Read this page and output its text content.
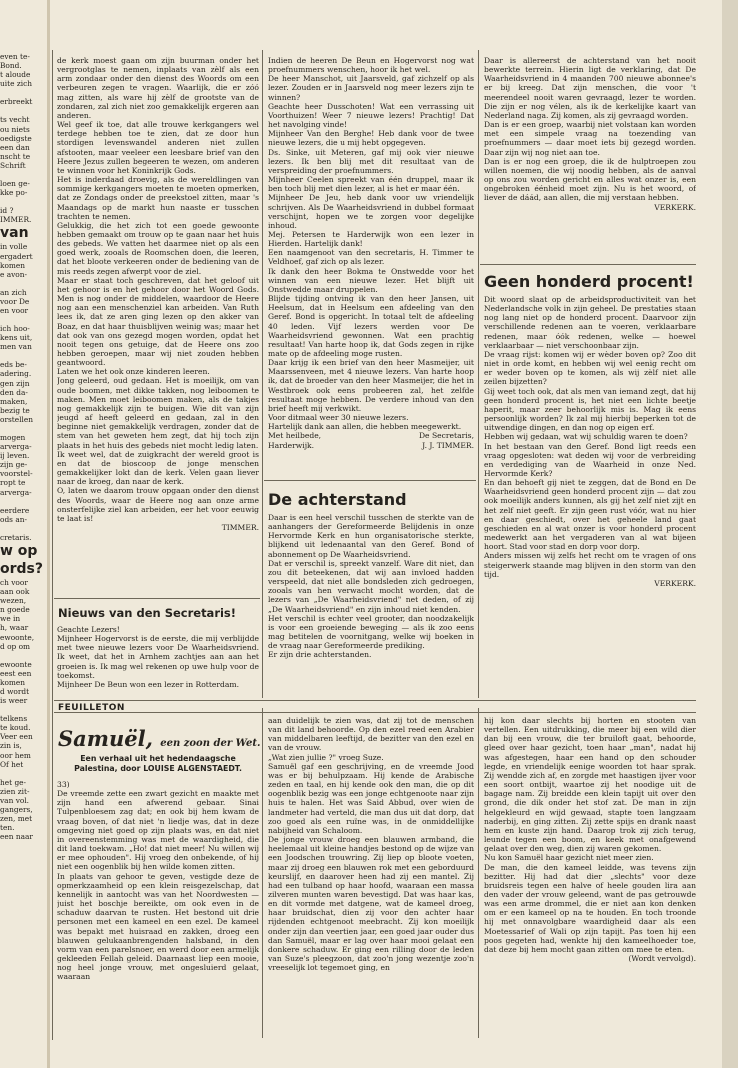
even te-
Bond.
t aloude
uite zich
erbreekt
ts vecht
ou niets
oedigste
een dan
nscht te
Schrift
loen ge-
kke po-
id ?
IMMER.
van
in volle
ergadert
komen
e avon-
an zich
voor De
en voor
ich hoo-
kens uit,
men van
eds be-
adering.
gen zijn
den da-
maken,
bezig te
orstellen
mogen
arverga-
ij leven.
zijn ge-
voorstel-
ropt te
arverga-
eerdere
ods an-
cretaris.
w op
ords?
ch voor
aan ook
wezen,
n goede
we in
h, waar
ewoonte,
d op om
ewoonte
eest een
komen
d wordt
is weer
telkens
te koud.
Veer een
zin is,
oor hem
Of het
het ge-
zien zit-
van vol.
gangers,
zen, met
ten.
een naar

de kerk moest gaan om zijn buurman onder het vergrootglas te nemen, inplaats van zèlf als een arm zondaar onder den dienst des Woords om een verbeuren zegen te vragen. Waarlijk, die er zóó mag zitten, als ware hij zèlf de grootste van de zondaren, zal zich niet zoo gemakkelijk ergeren aan anderen.

Wel geef ik toe, dat alle trouwe kerkgangers wel terdege hebben toe te zien, dat ze door hun stordigen levenswandel anderen niet zullen afstooten, maar veeleer een leesbare brief van den Heere Jezus zullen begeeren te wezen, om anderen te winnen voor het Koninkrijk Gods.

Het is inderdaad droevig, als de wereldlingen van sommige kerkgangers moeten te moeten opmerken, dat ze Zondags onder de preekstoel zitten, maar 's Maandags op de markt hun naaste er tusschen trachten te nemen.

Gelukkig, die het zich tot een goede gewoonte hebben gemaakt om trouw op te gaan naar het huis des gebeds. We vatten het daarmee niet op als een goed werk, zooals de Roomschen doen, die leeren, dat het bloote verkeeren onder de bediening van de mis reeds zegen afwerpt voor de ziel.

Maar er staat toch geschreven, dat het geloof uit het gehoor is en het gehoor door het Woord Gods. Men is nog onder de middelen, waardoor de Heere nog aan een menschenziel kan arbeiden. Van Ruth lees ik, dat ze aren ging lezen op den akker van Boaz, en dat haar thuisblijven weinig was; maar het dat ook van ons gezegd mogen worden, opdat het nooit tegen ons getuige, dat de Heere ons zoo hebben geroepen, maar wij niet zouden hebben geantwoord.

Laten we het ook onze kinderen leeren.

Jong geleerd, oud gedaan. Het is moeilijk, om van oude boomen, met dikke takken, nog leiboomen te maken. Men moet leiboomen maken, als de takjes nog gemakkelijk zijn te buigen. Wie dit van zijn jeugd af heeft geleerd en gedaan, zal in den beginne niet gemakkelijk verdragen, zonder dat de stem van het geweten hem zegt, dat hij toch zijn plaats in het huis des gebeds niet mocht ledig laten.

Ik weet wel, dat de zuigkracht der wereld groot is en dat de bioscoop de jonge menschen gemakkelijker lokt dan de kerk. Velen gaan liever naar de kroeg, dan naar de kerk.

O, laten we daarom trouw opgaan onder den dienst des Woords, waar de Heere nog aan onze arme onsterfelijke ziel kan arbeiden, eer het voor eeuwig te laat is!

TIMMER.

Nieuws van den Secretaris!

Geachte Lezers!

Mijnheer Hogervorst is de eerste, die mij verblijdde met twee nieuwe lezers voor De Waarheidsvriend. Ik weet, dat het in Arnhem zachtjes aan aan het groeien is. Ik mag wel rekenen op uwe hulp voor de toekomst.

Mijnheer De Beun won een lezer in Rotterdam.

Indien de heeren De Beun en Hogervorst nog wat proefnummers wenschen, hoor ik het wel.

De heer Manschot, uit Jaarsveld, gaf zichzelf op als lezer. Zouden er in Jaarsveld nog meer lezers zijn te winnen?

Geachte heer Dusschoten! Wat een verrassing uit Voorthuizen! Weer 7 nieuwe lezers! Prachtig! Dat het navolging vinde!

Mijnheer Van den Berghe! Heb dank voor de twee nieuwe lezers, die u mij hebt opgegeven.

Ds. Sinke, uit Meteren, gaf mij ook vier nieuwe lezers. Ik ben blij met dit resultaat van de verspreiding der proefnummers.

Mijnheer Ceelen spreekt van één druppel, maar ik ben toch blij met dien lezer, al is het er maar één.

Mijnheer De Jeu, heb dank voor uw vriendelijk schrijven. Als De Waarheidsvriend in dubbel formaat verschijnt, hopen we te zorgen voor degelijke inhoud.

Mej. Petersen te Harderwijk won een lezer in Hierden. Hartelijk dank!

Een naamgenoot van den secretaris, H. Timmer te Veldhoef, gaf zich op als lezer.

Ik dank den heer Bokma te Onstwedde voor het winnen van een nieuwe lezer. Het blijft uit Onstwedde maar druppelen.

Blijde tijding ontving ik van den heer Jansen, uit Heelsum, dat in Heelsum een afdeeling van den Geref. Bond is opgericht. In totaal telt de afdeeling 40 leden. Vijf lezers werden voor De Waarheidsvriend gewonnen. Wat een prachtig resultaat! Van harte hoop ik, dat Gods zegen in rijke mate op de afdeeling moge rusten.

Daar krijg ik een brief van den heer Masmeijer, uit Maarssenveen, met 4 nieuwe lezers. Van harte hoop ik, dat de broeder van den heer Masmeijer, die het in Westbroek ook eens probeeren zal, het zelfde resultaat moge hebben. De verdere inhoud van den brief heeft mij verkwikt.

Voor ditmaal weer 30 nieuwe lezers.

Hartelijk dank aan allen, die hebben meegewerkt.

Met heilbede,	De Secretaris,
Harderwijk.	J. J. TIMMER.
De achterstand

Daar is een heel verschil tusschen de sterkte van de aanhangers der Gereformeerde Belijdenis in onze Hervormde Kerk en hun organisatorische sterkte, blijkend uit ledenaantal van den Geref. Bond of abonnement op De Waarheidsvriend.

Dat er verschil is, spreekt vanzelf. Ware dit niet, dan zou dit beteekenen, dat wij aan invloed hadden verspeeld, dat niet alle bondsleden zich gedroegen, zooals van hen verwacht mocht worden, dat de lezers van „De Waarheidsvriend" net deden, of zij „De Waarheidsvriend" en zijn inhoud niet kenden.

Het verschil is echter veel grooter, dan noodzakelijk is voor een groeiende beweging — als ik zoo eens mag betitelen de voornitgang, welke wij boeken in de vraag naar Gereformeerde prediking.

Er zijn drie achterstanden.

Daar is allereerst de achterstand van het nooit bewerkte terrein. Hierin ligt de verklaring, dat De Waarheidsvriend in 4 maanden 700 nieuwe abonnee's er bij kreeg. Dat zijn menschen, die voor 't meerendeel nooit waren gevraagd, lezer te worden. Die zijn er nog vélen, als ik de kerkelijke kaart van Nederland naga. Zij komen, als zij gevraagd worden.

Dan is er een groep, waarbij niet volstaan kan worden met een simpele vraag na toezending van proefnummers — daar moet iets bij gezegd worden. Daar zijn wij nog niet aan toe.

Dan is er nog een groep, die ik de hulptroepen zou willen noemen, die wij noodig hebben, als de aanval op ons zou worden gericht en alles wat onzer is, een ongebroken éénheid moet zijn. Nu is het woord, of liever de dáád, aan allen, die mij verstaan hebben.

VERKERK.

Geen honderd procent!

Dit woord slaat op de arbeidsproductiviteit van het Nederlandsche volk in zijn geheel. De prestaties staan nog lang niet op de honderd procent. Daarvoor zijn verschillende redenen aan te voeren, verklaarbare redenen, maar óók redenen, welke — hoewel verklaarbaar — niet verschoonbaar zijn.

De vraag rijst: komen wij er wèder boven op? Zoo dit niet in orde komt, en hebben wij wel eenig recht om er weder boven op te komen, als wij zèlf niet alle zeilen bijzetten?

Gij weet toch ook, dat als men van iemand zegt, dat hij geen honderd procent is, het niet een lichte beetje haperit, maar zeer behoorlijk mis is. Mag ik eens persoonlijk worden? Ik zal mij hierbij beperken tot de uitwendige dingen, en dan nog op eigen erf.

Hebben wij gedaan, wat wij schuldig waren te doen?

In het bestaan van den Geref. Bond ligt reeds een vraag opgesloten: wat deden wij voor de verbreiding en verdediging van de Waarheid in onze Ned. Hervormde Kerk?

En dan behoeft gij niet te zeggen, dat de Bond en De Waarheidsvriend geen honderd procent zijn — dat zou ook moeilijk anders kunnen, als gij het zelf niet zijt en het zelf niet geeft. Er zijn geen rust vóór, wat nu hier en daar geschiedt, over het geheele land gaat geschieden en al wat onzer is voor honderd procent medewerkt aan het vergaderen van al wat bijeen hoort. Stad voor stad en dorp voor dorp.

Anders missen wij zelfs het recht om te vragen of ons steigerwerk staande mag blijven in den storm van den tijd.

VERKERK.

FEUILLETON
Samuël, een zoon der Wet.
Een verhaal uit het hedendaagsche Palestina, door LOUISE ALGENSTAEDT.

33)

De vreemde zette een zwart gezicht en maakte met zijn hand een afwerend gebaar. Sinai Tulpenbloesem zag dat; en ook bij hem kwam de vraag boven, of dat niet 'n liedje was, dat in deze omgeving niet goed op zijn plaats was, en dat niet in overeenstemming was met de waardigheid, die dit land toekwam. „Ho! dat niet meer! Nu willen wij er mee ophouden". Hij vroeg den onbekende, of hij niet een oogenblik bij hen wilde komen zitten.

In plaats van gehoor te geven, vestigde deze de opmerkzaamheid op een klein reisgezelschap, dat kennelijk in aantocht was van het Noordwesten — juist het boschje bereikte, om ook even in de schaduw daarvan te rusten. Het bestond uit drie personen met een kameel en een ezel. De kameel was bepakt met huisraad en zakken, droeg een blauwen gelukaanbrengenden halsband, in den vorm van een parelsnoer, en werd door een armelijk gekleeden Fellah geleid. Daarnaast liep een mooie, nog heel jonge vrouw, met ongesluierd gelaat, waaraan

aan duidelijk te zien was, dat zij tot de menschen van dit land behoorde. Op den ezel reed een Arabier van middelbaren leeftijd, de bezitter van den ezel en van de vrouw.

„Wat zien jullie ?" vroeg Suze.

Samuël gaf een geschrijving, en de vreemde Jood was er bij behulpzaam. Hij kende de Arabische zeden en taal, en hij kende ook den man, die op dit oogenblik bezig was een jonge echtgenoote naar zijn huis te halen. Het was Said Abbud, over wien de landmeter had verteld, die man dus uit dat dorp, dat zoo goed als een ruïne was, in de onmiddellijke nabijheid van Schaloom.

De jonge vrouw droeg een blauwen armband, die heelemaal uit kleine handjes bestond op de wijze van een Joodschen trouwring. Zij liep op bloote voeten, maar zij droeg een blauwen rok met een geborduurd keurslijf, en daarover heen had zij een mantel. Zij had een tulband op haar hoofd, waaraan een massa zilveren munten waren bevestigd. Dat was haar kas, en dit vormde met datgene, wat de kameel droeg, haar bruidschat, dien zij voor den achter haar rijdenden echtgenoot meebracht. Zij kon moeilijk onder zijn dan veertien jaar, een goed jaar ouder dus dan Samuël, maar er lag over haar mooi gelaat een donkere schaduw. Er ging een rilling door de leden van Suze's pleegzoon, dat zoo'n jong wezentje zoo'n vreeselijk lot tegemoet ging, en

hij kon daar slechts bij horten en stooten van vertellen. Een uitdrukking, die meer bij een wild dier dan bij een vrouw, die ter bruiloft gaat, behoorde, gleed over haar gezicht, toen haar „man", nadat hij was afgestegen, haar een hand op den schouder legde, en vriendelijk eenige woorden tot haar sprak. Zij wendde zich af, en zorgde met haastigen ijver voor een soort ontbijt, waartoe zij het noodige uit de bagage nam. Zij breidde een klein tapijt uit over den grond, die dik onder het stof zat. De man in zijn helgekleurd en wijd gewaad, stapte toen langzaam naderbij, en ging zitten. Zij zette spijs en drank naast hem en kuste zijn hand. Daarop trok zij zich terug, leunde tegen een boom, en keek met onafgewend gelaat over den weg, dien zij waren gekomen.

Nu kon Samuël haar gezicht niet meer zien.

De man, die den kameel leidde, was tevens zijn bezitter. Hij had dat dier „slechts" voor deze bruidsreis tegen een halve of heele gouden lira aan den vader der vrouw geleend, want de pas getrouwde was een arme drommel, die er niet aan kon denken om er een kameel op na te houden. En toch troonde hij met onnavolgbare waardigheid daar als een Moetessarief of Wali op zijn tapijt. Pas toen hij een poos gegeten had, wenkte hij den kameelhoeder toe, dat deze bij hem mocht gaan zitten om mee te eten.

(Wordt vervolgd).
